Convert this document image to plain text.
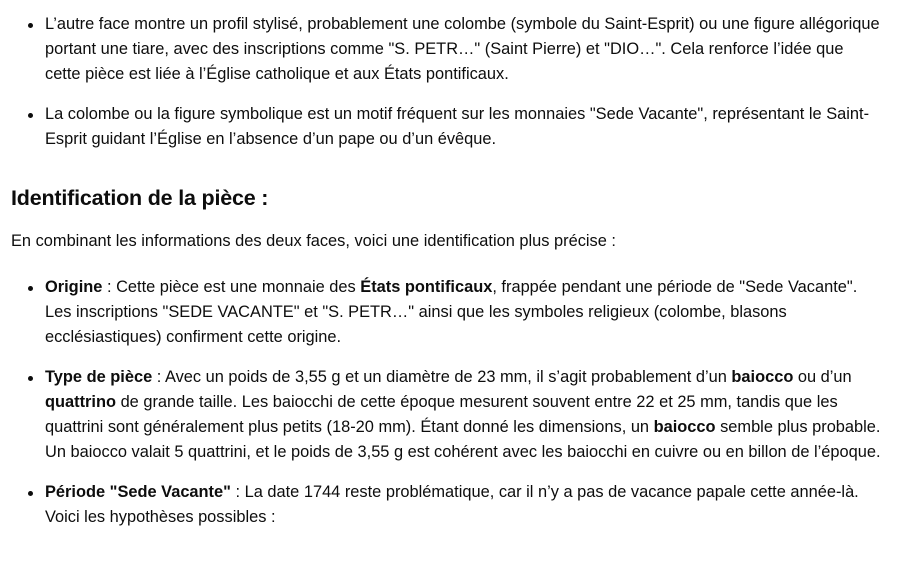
L’autre face montre un profil stylisé, probablement une colombe (symbole du Saint-Esprit) ou une figure allégorique portant une tiare, avec des inscriptions comme "S. PETR…" (Saint Pierre) et "DIO…". Cela renforce l’idée que cette pièce est liée à l’Église catholique et aux États pontificaux.
La colombe ou la figure symbolique est un motif fréquent sur les monnaies "Sede Vacante", représentant le Saint-Esprit guidant l’Église en l’absence d’un pape ou d’un évêque.
Identification de la pièce :

En combinant les informations des deux faces, voici une identification plus précise :

Origine : Cette pièce est une monnaie des États pontificaux, frappée pendant une période de "Sede Vacante". Les inscriptions "SEDE VACANTE" et "S. PETR…" ainsi que les symboles religieux (colombe, blasons ecclésiastiques) confirment cette origine.
Type de pièce : Avec un poids de 3,55 g et un diamètre de 23 mm, il s’agit probablement d’un baiocco ou d’un quattrino de grande taille. Les baiocchi de cette époque mesurent souvent entre 22 et 25 mm, tandis que les quattrini sont généralement plus petits (18-20 mm). Étant donné les dimensions, un baiocco semble plus probable. Un baiocco valait 5 quattrini, et le poids de 3,55 g est cohérent avec les baiocchi en cuivre ou en billon de l’époque.
Période "Sede Vacante" : La date 1744 reste problématique, car il n’y a pas de vacance papale cette année-là. Voici les hypothèses possibles :
